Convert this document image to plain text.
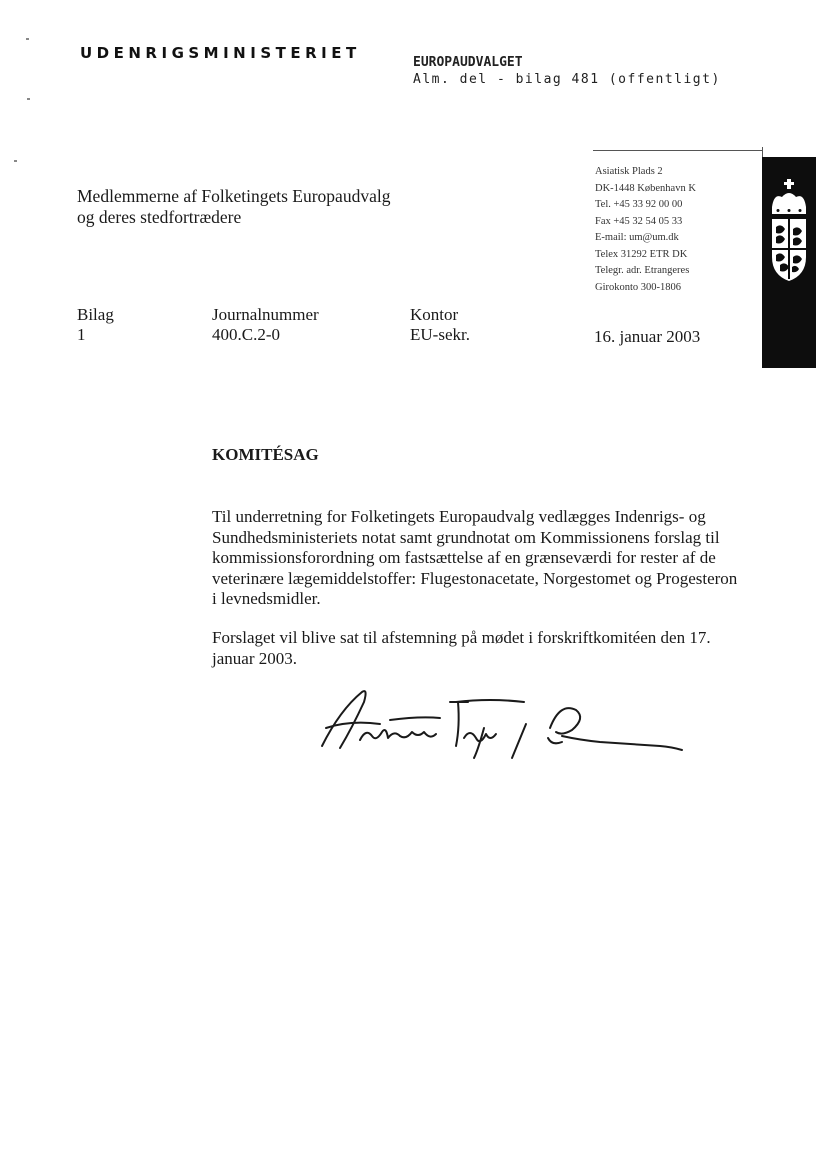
UDENRIGSMINISTERIET
EUROPAUDVALGET
Alm. del - bilag 481 (offentligt)
Medlemmerne af Folketingets Europaudvalg
og deres stedfortrædere
Asiatisk Plads 2
DK-1448 København K
Tel. +45 33 92 00 00
Fax +45 32 54 05 33
E-mail: um@um.dk
Telex 31292 ETR DK
Telegr. adr. Etrangeres
Girokonto 300-1806
Bilag
1
Journalnummer
400.C.2-0
Kontor
EU-sekr.	16. januar 2003
KOMITÉSAG
Til underretning for Folketingets Europaudvalg vedlægges Indenrigs- og
Sundhedsministeriets notat samt grundnotat om Kommissionens forslag til
kommissionsforordning om fastsættelse af en grænseværdi for rester af de
veterinære lægemiddelstoffer: Flugestonacetate, Norgestomet og Progesteron
i levnedsmidler.
Forslaget vil blive sat til afstemning på mødet i forskriftkomitéen den 17.
januar 2003.
